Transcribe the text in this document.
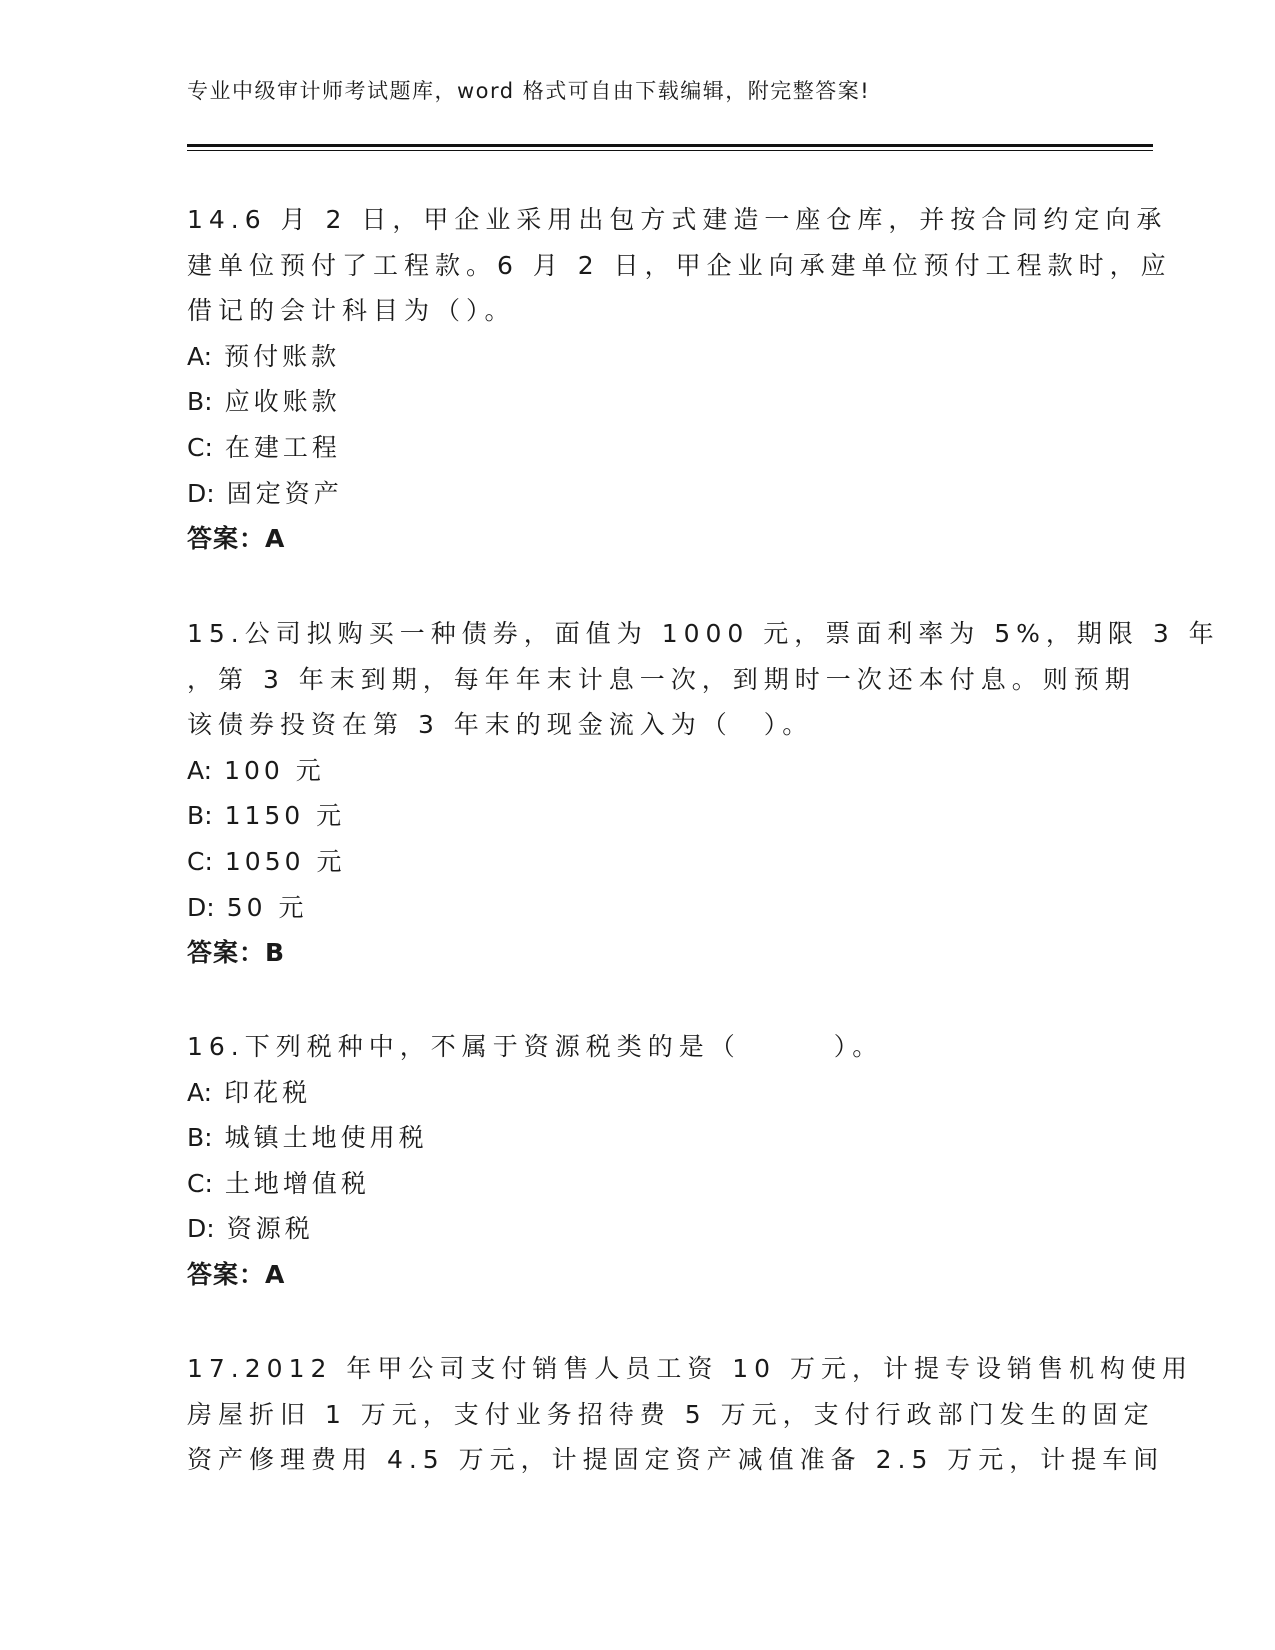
专业中级审计师考试题库，word 格式可自由下载编辑，附完整答案!
14.6 月 2 日，甲企业采用出包方式建造一座仓库，并按合同约定向承
建单位预付了工程款。6 月 2 日，甲企业向承建单位预付工程款时，应
借记的会计科目为（）。
A: 预付账款
B: 应收账款
C: 在建工程
D: 固定资产
答案：A
15.公司拟购买一种债券，面值为 1000 元，票面利率为 5%，期限 3 年
，第 3 年末到期，每年年末计息一次，到期时一次还本付息。则预期
该债券投资在第 3 年末的现金流入为（　）。
A: 100 元
B: 1150 元
C: 1050 元
D: 50 元
答案：B
16.下列税种中，不属于资源税类的是（　　　）。
A: 印花税
B: 城镇土地使用税
C: 土地增值税
D: 资源税
答案：A
17.2012 年甲公司支付销售人员工资 10 万元，计提专设销售机构使用
房屋折旧 1 万元，支付业务招待费 5 万元，支付行政部门发生的固定
资产修理费用 4.5 万元，计提固定资产减值准备 2.5 万元，计提车间
